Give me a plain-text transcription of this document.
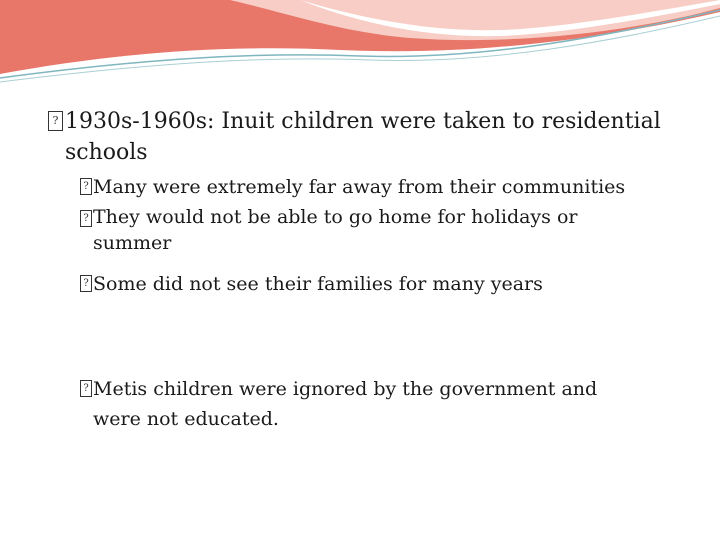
? 1930s-1960s: Inuit children were taken to residential schools
? Many were extremely far away from their communities
? They would not be able to go home for holidays or summer
? Some did not see their families for many years
? Metis children were ignored by the government and were not educated.
